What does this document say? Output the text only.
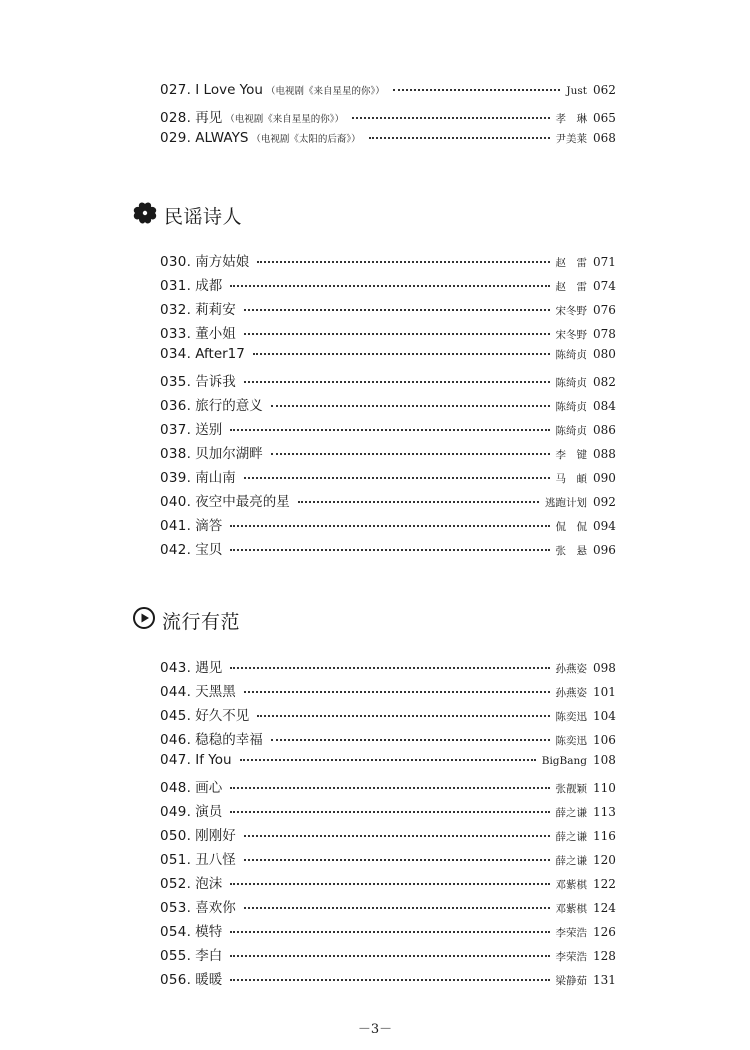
027. I Love You （电视剧《来自星星的你》）	Just 062
028. 再见 （电视剧《来自星星的你》）	孝　琳 065
029. ALWAYS （电视剧《太阳的后裔》）	尹美莱 068
民谣诗人
030. 南方姑娘	赵　雷 071
031. 成都	赵　雷 074
032. 莉莉安	宋冬野 076
033. 董小姐	宋冬野 078
034. After17	陈绮贞 080
035. 告诉我	陈绮贞 082
036. 旅行的意义	陈绮贞 084
037. 送别	陈绮贞 086
038. 贝加尔湖畔	李　键 088
039. 南山南	马　頔 090
040. 夜空中最亮的星	逃跑计划 092
041. 滴答	侃　侃 094
042. 宝贝	张　悬 096
流行有范
043. 遇见	孙燕姿 098
044. 天黑黑	孙燕姿 101
045. 好久不见	陈奕迅 104
046. 稳稳的幸福	陈奕迅 106
047. If You	BigBang 108
048. 画心	张靓颖 110
049. 演员	薛之谦 113
050. 刚刚好	薛之谦 116
051. 丑八怪	薛之谦 120
052. 泡沫	邓紫棋 122
053. 喜欢你	邓紫棋 124
054. 模特	李荣浩 126
055. 李白	李荣浩 128
056. 暖暖	梁静茹 131
－3－
